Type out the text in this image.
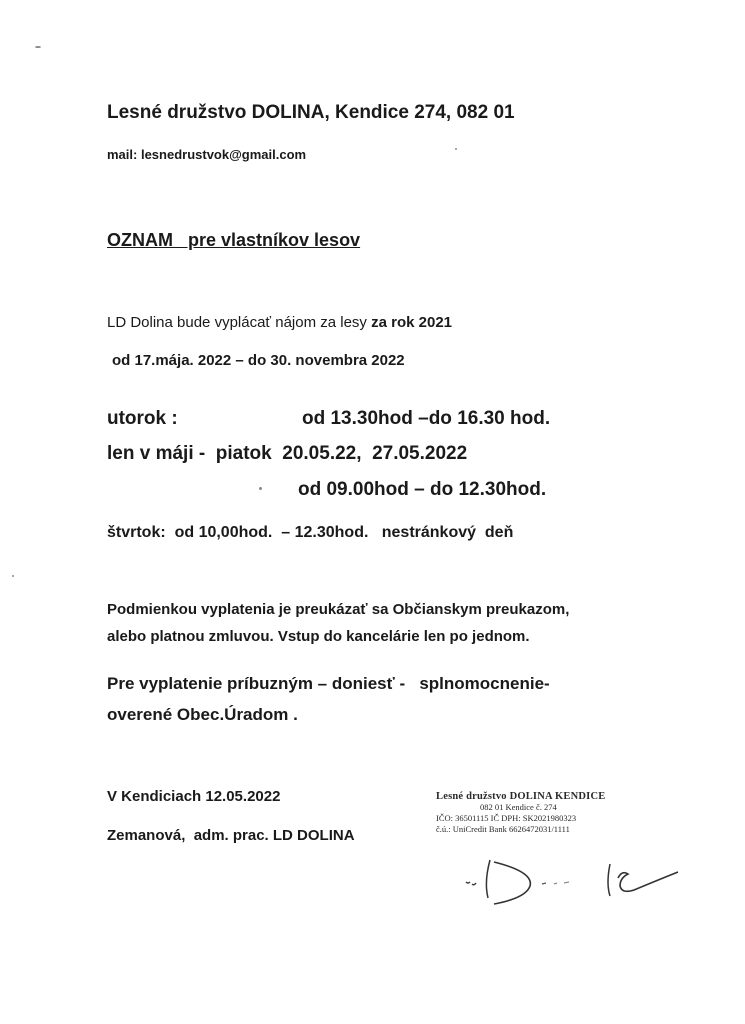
Lesné družstvo DOLINA, Kendice 274, 082 01
mail: lesnedrustvok@gmail.com
OZNAM   pre vlastníkov lesov
LD Dolina bude vyplácať nájom za lesy za rok 2021
od 17.mája. 2022 – do 30. novembra 2022
utorok :	od 13.30hod –do 16.30 hod.
len v máji -  piatok  20.05.22,  27.05.2022
od 09.00hod – do 12.30hod.
štvrtok:  od 10,00hod.  – 12.30hod.   nestránkový  deň
Podmienkou vyplatenia je preukázať sa Občianskym preukazom,
alebo platnou zmluvou. Vstup do kancelárie len po jednom.
Pre vyplatenie príbuzným – doniesť -   splnomocnenie-
overené Obec.Úradom .
V Kendiciach 12.05.2022
Zemanová,  adm. prac. LD DOLINA
Lesné družstvo DOLINA KENDICE
082 01 Kendice č. 274
IČO: 36501115 IČ DPH: SK2021980323
č.ú.: UniCredit Bank 6626472031/1111
